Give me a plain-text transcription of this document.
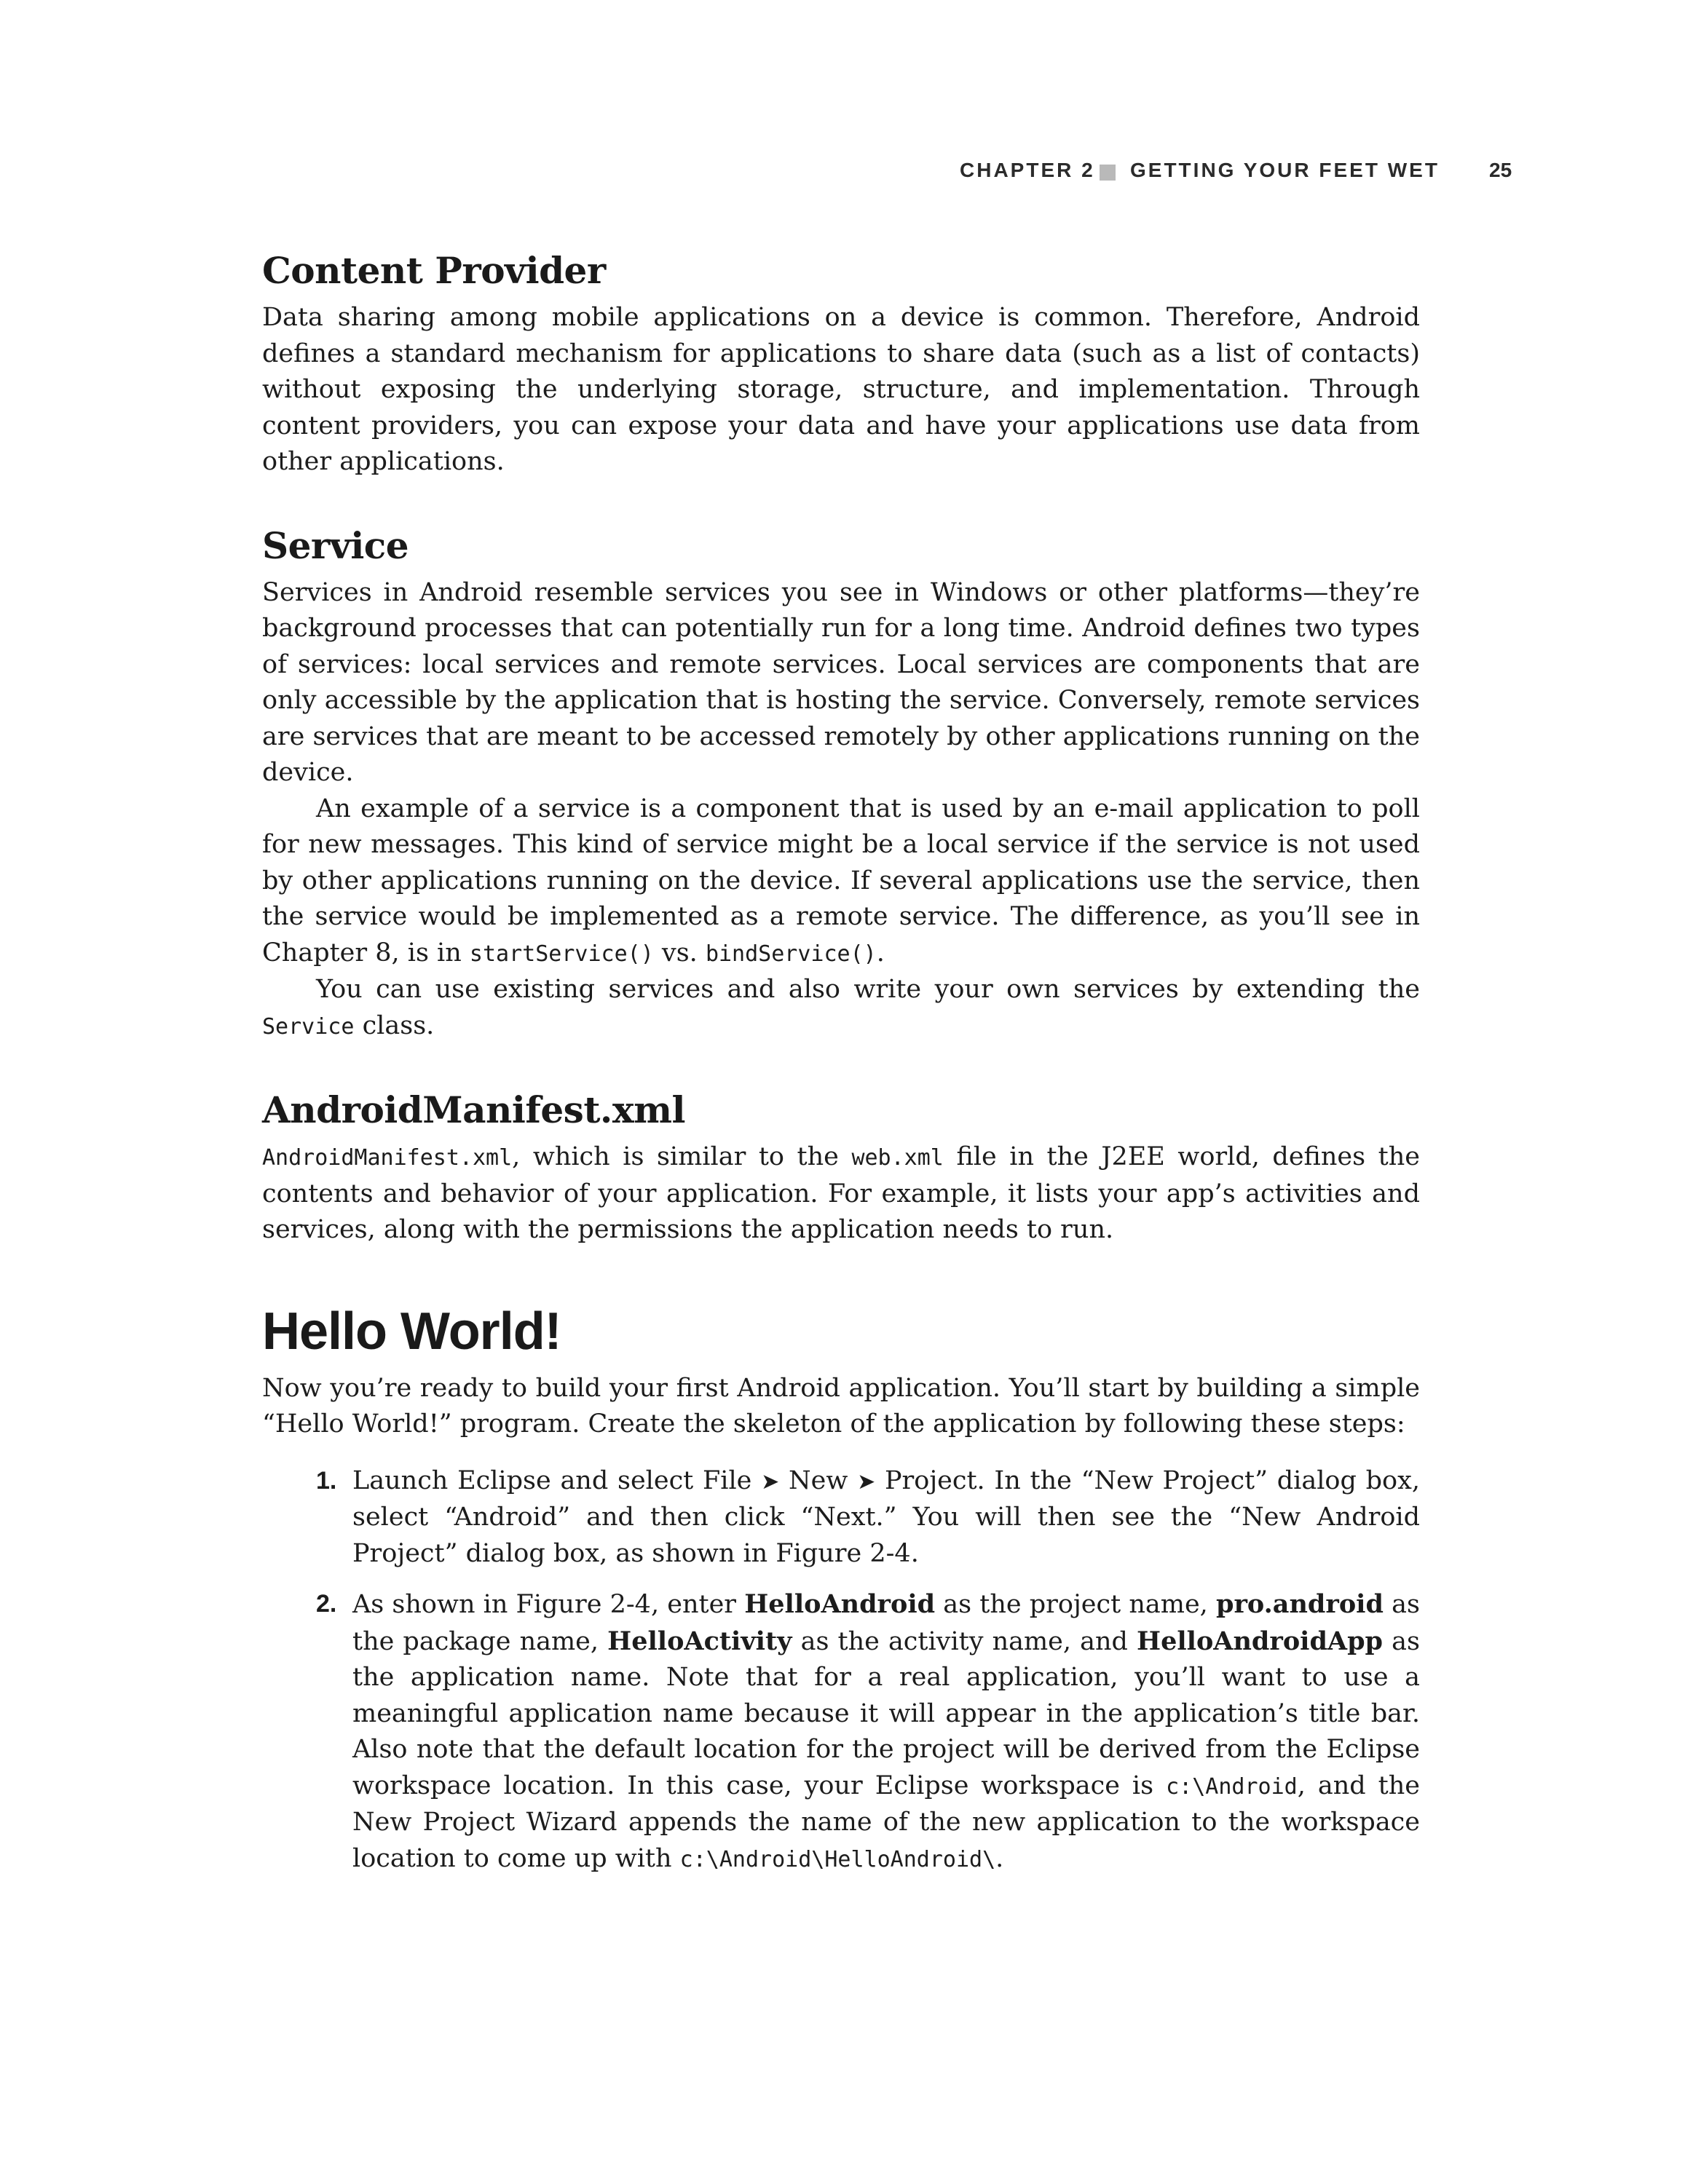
CHAPTER 2 GETTING YOUR FEET WET 25
Content Provider

Data sharing among mobile applications on a device is common. Therefore, Android defines a standard mechanism for applications to share data (such as a list of contacts) without exposing the underlying storage, structure, and implementation. Through content providers, you can expose your data and have your applications use data from other applications.

Service

Services in Android resemble services you see in Windows or other platforms—they’re background processes that can potentially run for a long time. Android defines two types of services: local services and remote services. Local services are components that are only accessible by the application that is hosting the service. Conversely, remote services are services that are meant to be accessed remotely by other applications running on the device.

An example of a service is a component that is used by an e-mail application to poll for new messages. This kind of service might be a local service if the service is not used by other applications running on the device. If several applications use the service, then the service would be implemented as a remote service. The difference, as you’ll see in Chapter 8, is in startService() vs. bindService().

You can use existing services and also write your own services by extending the Service class.

AndroidManifest.xml

AndroidManifest.xml, which is similar to the web.xml file in the J2EE world, defines the contents and behavior of your application. For example, it lists your app’s activities and services, along with the permissions the application needs to run.

Hello World!

Now you’re ready to build your first Android application. You’ll start by building a simple “Hello World!” program. Create the skeleton of the application by following these steps:

1. Launch Eclipse and select File ➤ New ➤ Project. In the “New Project” dialog box, select “Android” and then click “Next.” You will then see the “New Android Project” dialog box, as shown in Figure 2-4.

2. As shown in Figure 2-4, enter HelloAndroid as the project name, pro.android as the package name, HelloActivity as the activity name, and HelloAndroidApp as the application name. Note that for a real application, you’ll want to use a meaningful application name because it will appear in the application’s title bar. Also note that the default location for the project will be derived from the Eclipse workspace location. In this case, your Eclipse workspace is c:\Android, and the New Project Wizard appends the name of the new application to the workspace location to come up with c:\Android\HelloAndroid\.
